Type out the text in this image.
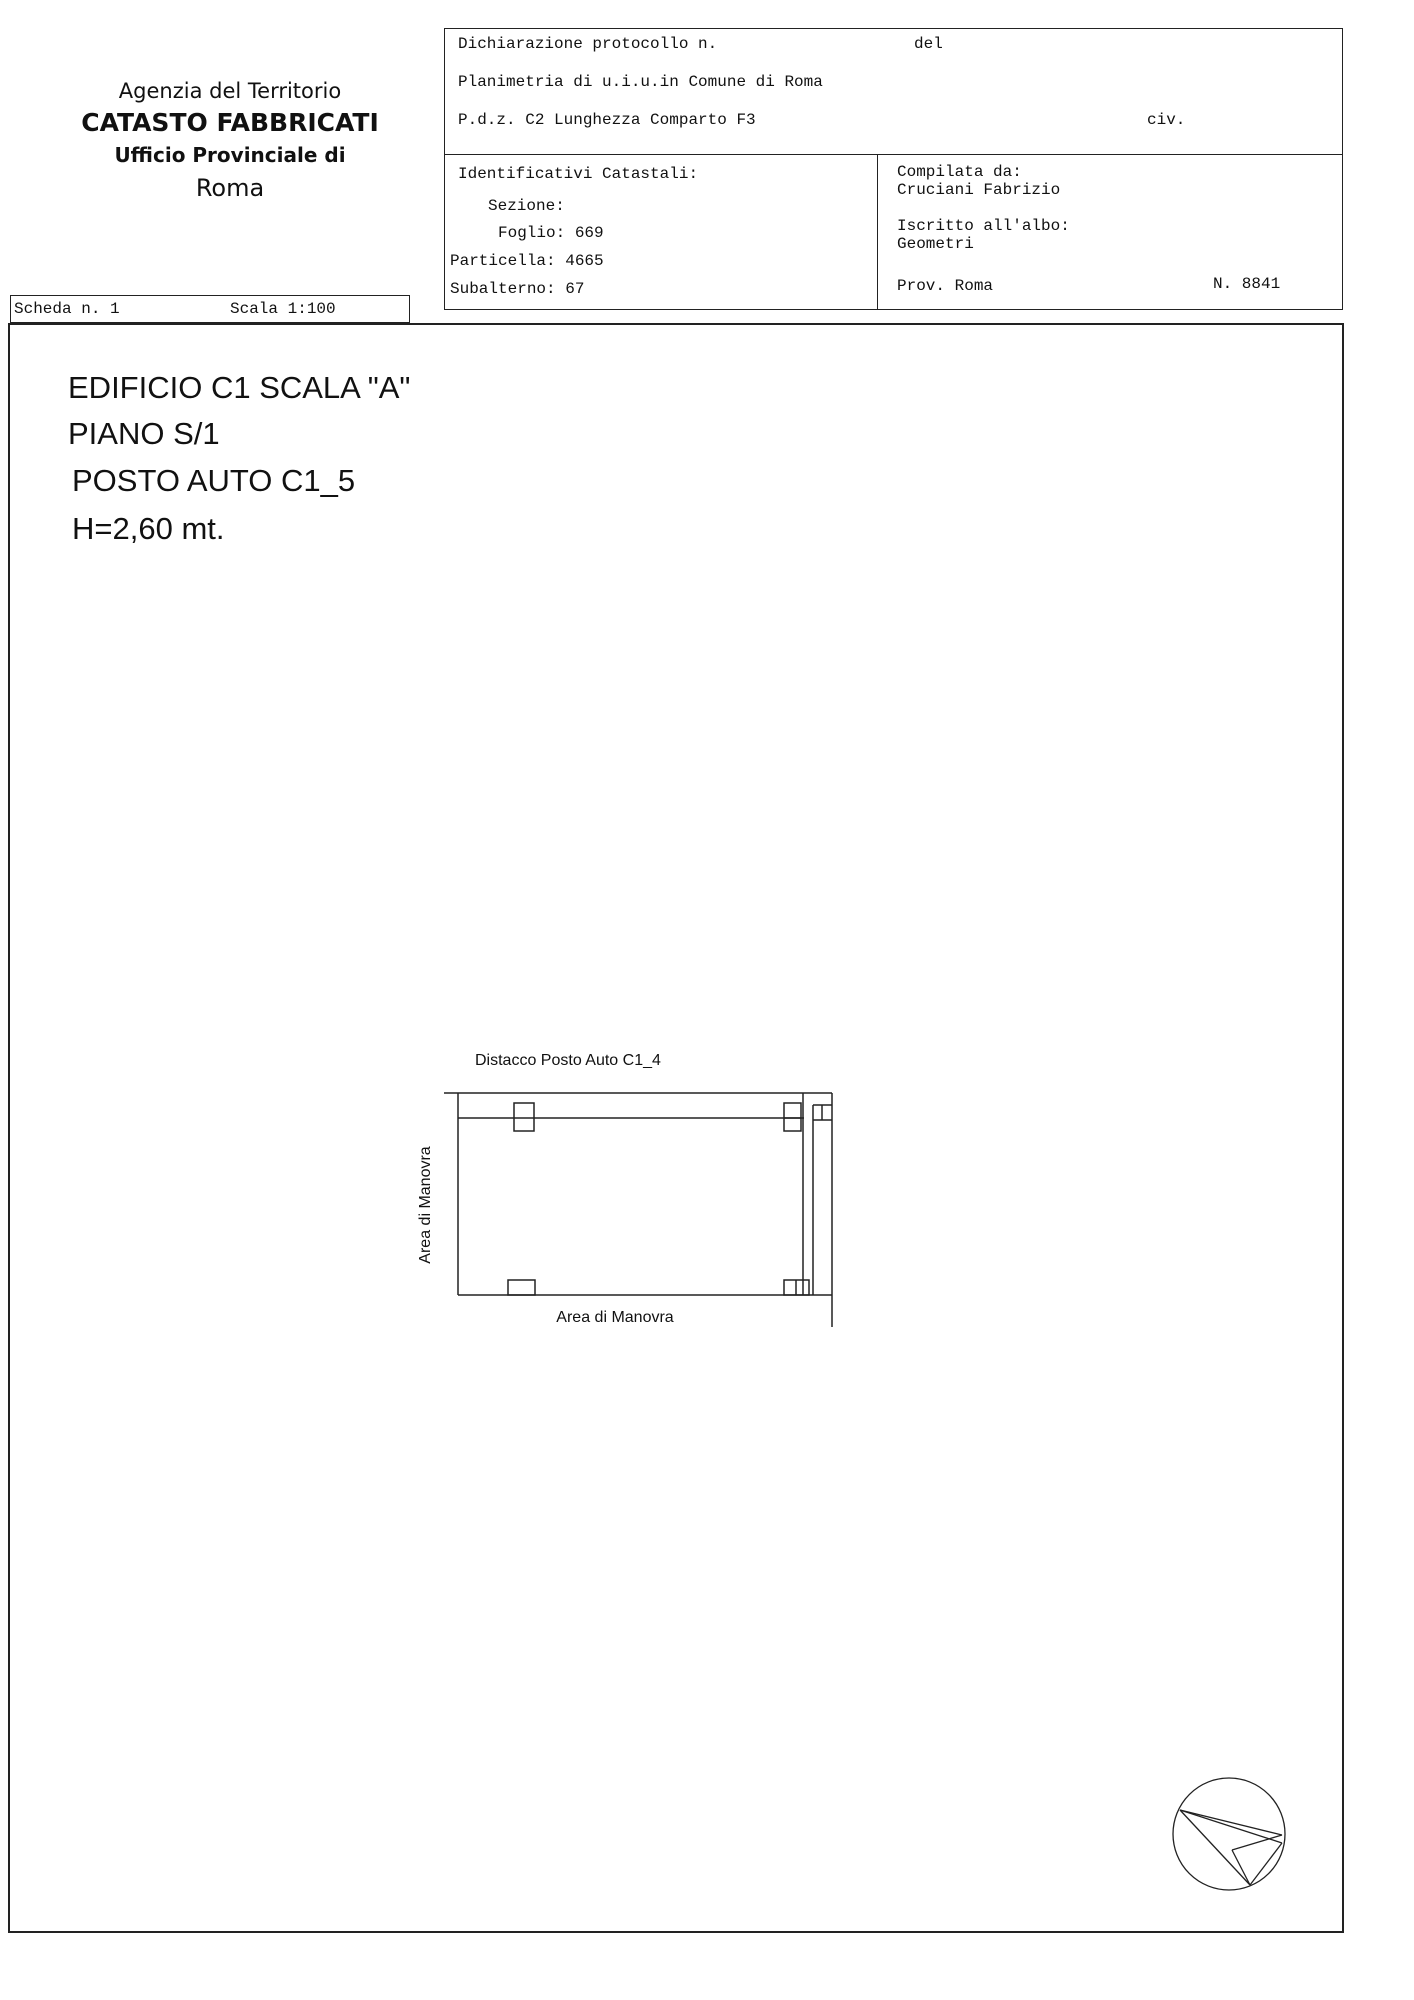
Agenzia del Territorio
CATASTO FABBRICATI
Ufficio Provinciale di
Roma
Dichiarazione protocollo n.	del
Planimetria di u.i.u.in Comune di Roma
P.d.z. C2 Lunghezza Comparto F3	civ.
Identificativi Catastali:
Sezione:
Foglio: 669
Particella: 4665
Subalterno: 67
Compilata da:
Cruciani Fabrizio
Iscritto all'albo:
Geometri
Prov. Roma	N. 8841
Scheda n. 1	Scala 1:100
EDIFICIO C1 SCALA "A"
PIANO S/1
POSTO AUTO C1_5
H=2,60 mt.
Distacco Posto Auto C1_4
Area di Manovra
Area di Manovra
